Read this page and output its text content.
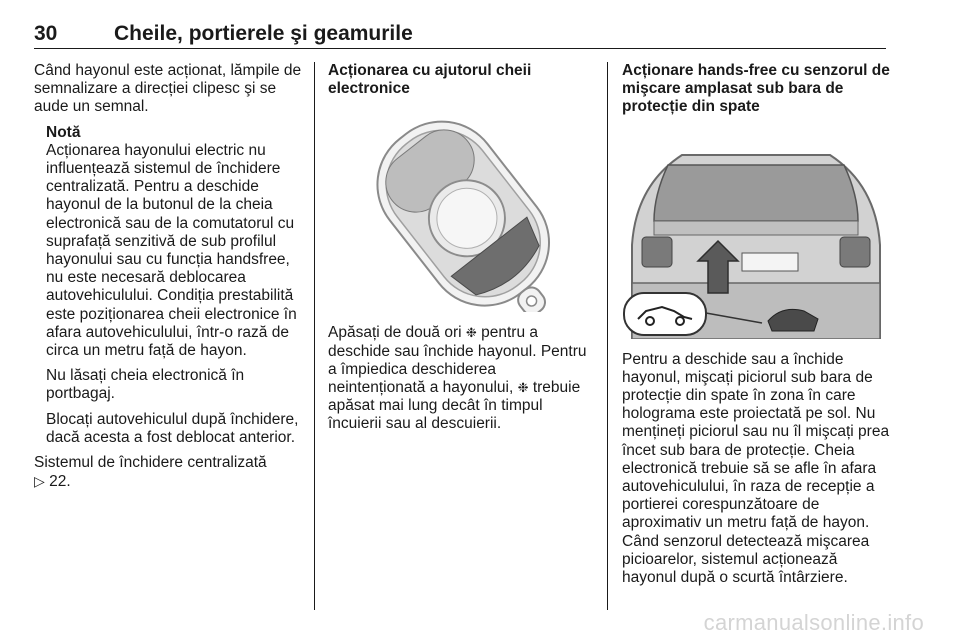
30	Cheile, portierele şi geamurile

Când hayonul este acționat, lămpile de semnalizare a direcției clipesc şi se aude un semnal.

Notă

Acționarea hayonului electric nu influențează sistemul de închidere centralizată. Pentru a deschide hayonul de la butonul de la cheia electronică sau de la comutatorul cu suprafață senzitivă de sub profilul hayonului sau cu funcția handsfree, nu este necesară deblocarea autovehiculului. Condiția prestabilită este poziționarea cheii electronice în afara autovehiculului, într-o rază de circa un metru față de hayon.

Nu lăsați cheia electronică în portbagaj.

Blocați autovehiculul după închidere, dacă acesta a fost deblocat anterior.

Sistemul de închidere centralizată
▷ 22.

Acționarea cu ajutorul cheii electronice

Apăsați de două ori ❉ pentru a deschide sau închide hayonul. Pentru a împiedica deschiderea neintenționată a hayonului, ❉ trebuie apăsat mai lung decât în timpul încuierii sau al descuierii.

Acționare hands-free cu senzorul de mişcare amplasat sub bara de protecție din spate

Pentru a deschide sau a închide hayonul, mişcați piciorul sub bara de protecție din spate în zona în care holograma este proiectată pe sol. Nu mențineți piciorul sau nu îl mişcați prea încet sub bara de protecție. Cheia electronică trebuie să se afle în afara autovehiculului, în raza de recepție a portierei corespunzătoare de aproximativ un metru față de hayon. Când senzorul detectează mişcarea picioarelor, sistemul acționează hayonul după o scurtă întârziere.

carmanualsonline.info
